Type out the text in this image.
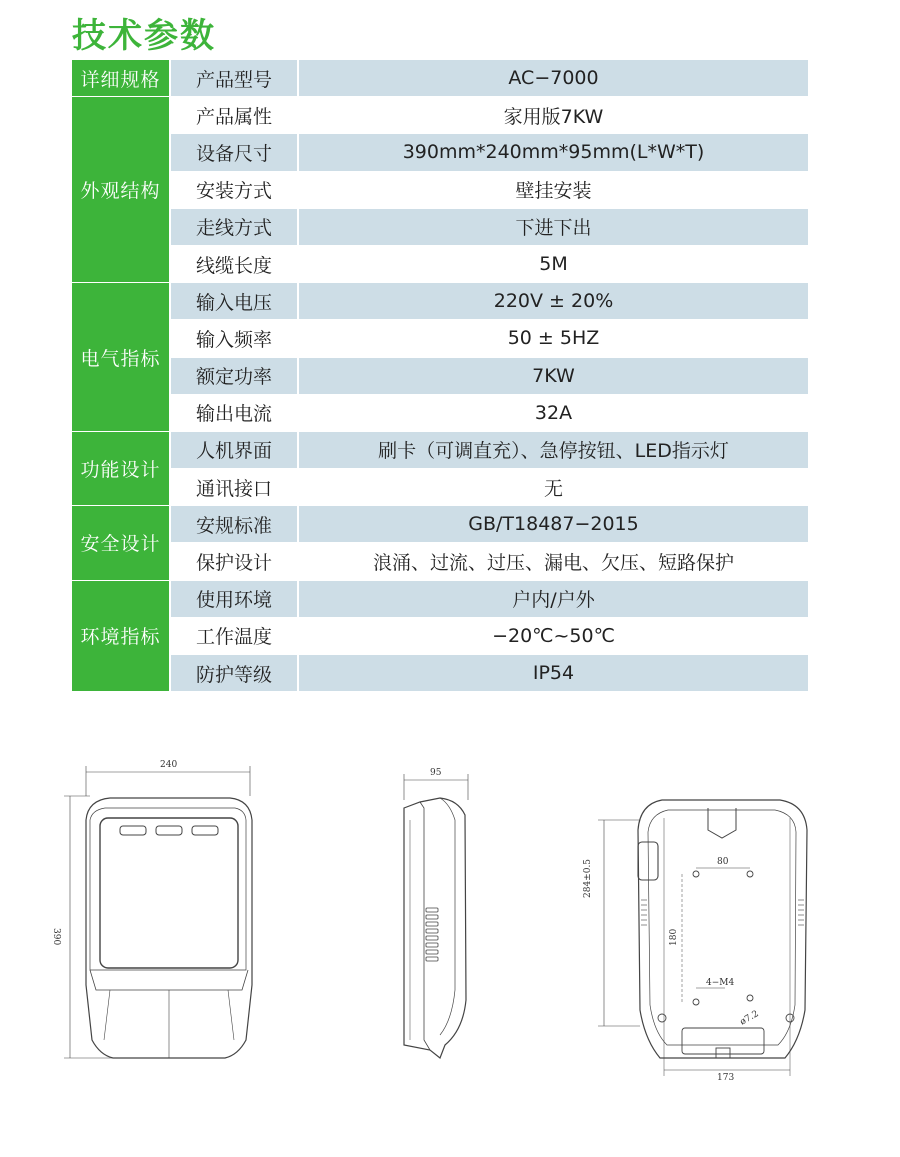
技术参数
详细规格	产品型号	AC−7000
外观结构	产品属性	家用版7KW
	设备尺寸	390mm*240mm*95mm(L*W*T)
	安装方式	壁挂安装
	走线方式	下进下出
	线缆长度	5M
电气指标	输入电压	220V ± 20%
	输入频率	50 ± 5HZ
	额定功率	7KW
	输出电流	32A
功能设计	人机界面	刷卡（可调直充）、急停按钮、LED指示灯
	通讯接口	无
安全设计	安规标准	GB/T18487−2015
	保护设计	浪涌、过流、过压、漏电、欠压、短路保护
环境指标	使用环境	户内/户外
	工作温度	−20℃~50℃
	防护等级	IP54
240
390
95
173
284±0.5	80
180
4−M4
ø7.2
